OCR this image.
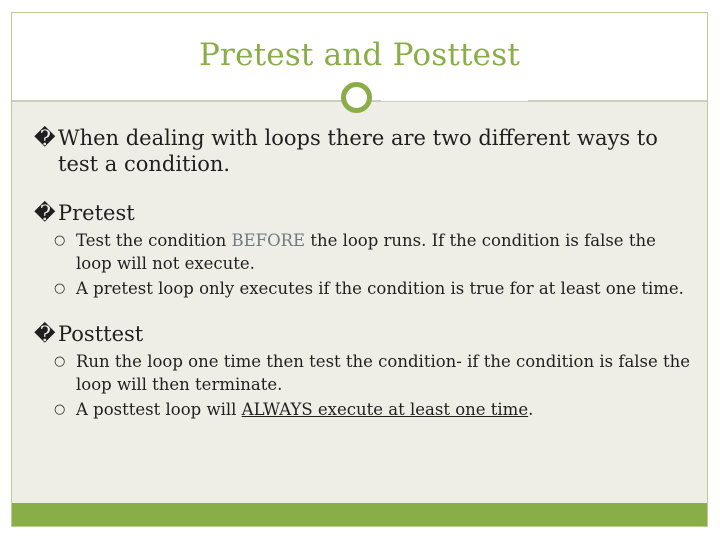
Pretest and Posttest
� When dealing with loops there are two different ways to test a condition.
� Pretest
○ Test the condition BEFORE the loop runs. If the condition is false the loop will not execute.
○ A pretest loop only executes if the condition is true for at least one time.
� Posttest
○ Run the loop one time then test the condition- if the condition is false the loop will then terminate.
○ A posttest loop will ALWAYS execute at least one time.
